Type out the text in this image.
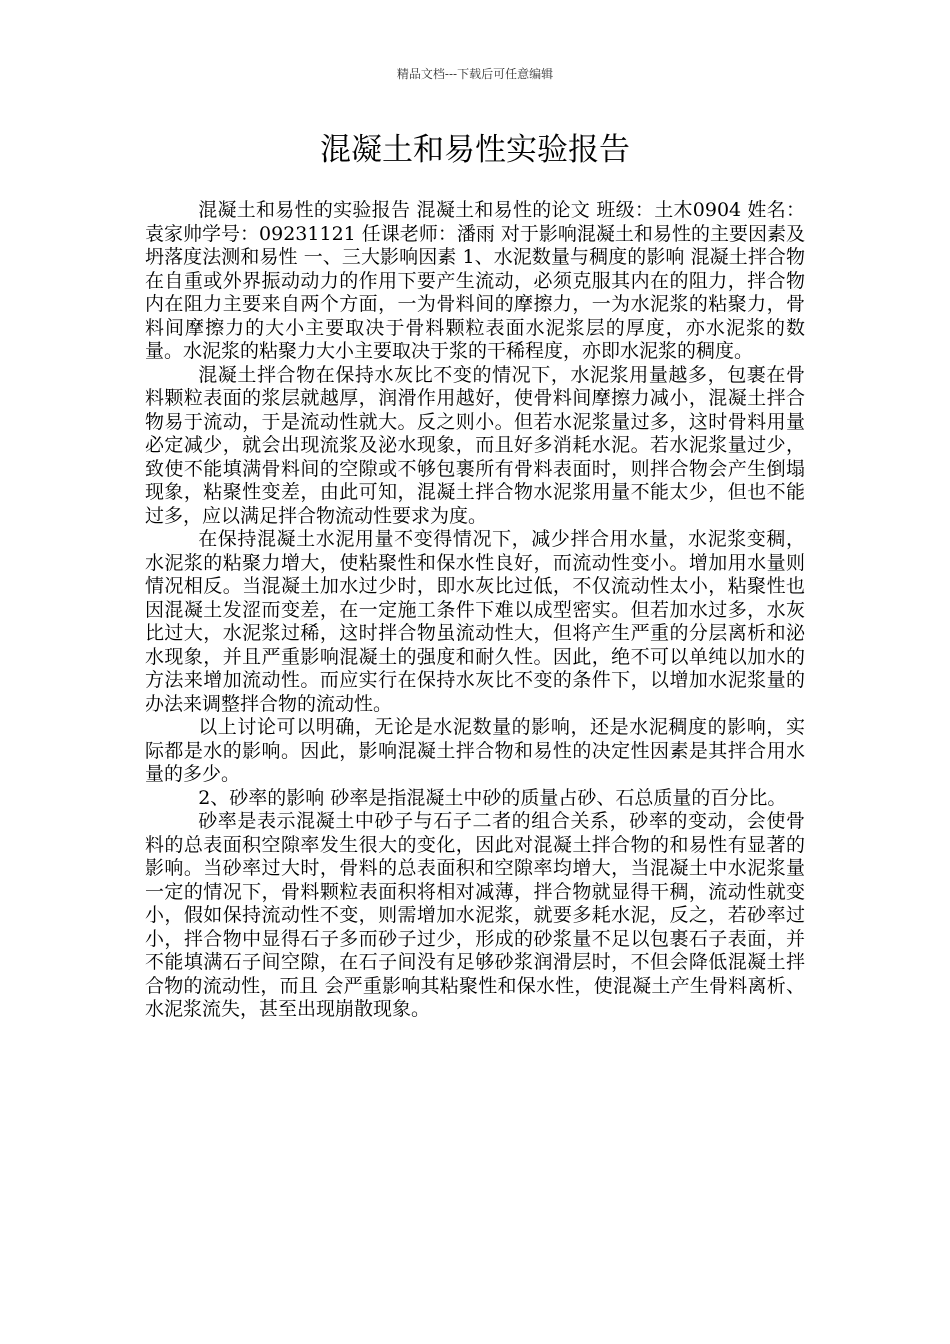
精品文档---下载后可任意编辑
混凝土和易性实验报告

混凝土和易性的实验报告 混凝土和易性的论文 班级：土木0904 姓名：袁家帅学号：09231121 任课老师：潘雨 对于影响混凝土和易性的主要因素及坍落度法测和易性 一、三大影响因素 1、水泥数量与稠度的影响 混凝土拌合物在自重或外界振动动力的作用下要产生流动，必须克服其内在的阻力，拌合物内在阻力主要来自两个方面，一为骨料间的摩擦力，一为水泥浆的粘聚力，骨料间摩擦力的大小主要取决于骨料颗粒表面水泥浆层的厚度，亦水泥浆的数量。水泥浆的粘聚力大小主要取决于浆的干稀程度，亦即水泥浆的稠度。

混凝土拌合物在保持水灰比不变的情况下，水泥浆用量越多，包裹在骨料颗粒表面的浆层就越厚，润滑作用越好，使骨料间摩擦力减小，混凝土拌合物易于流动，于是流动性就大。反之则小。但若水泥浆量过多，这时骨料用量必定减少，就会出现流浆及泌水现象，而且好多消耗水泥。若水泥浆量过少，致使不能填满骨料间的空隙或不够包裹所有骨料表面时，则拌合物会产生倒塌现象，粘聚性变差，由此可知，混凝土拌合物水泥浆用量不能太少，但也不能过多，应以满足拌合物流动性要求为度。

在保持混凝土水泥用量不变得情况下，减少拌合用水量，水泥浆变稠，水泥浆的粘聚力增大，使粘聚性和保水性良好，而流动性变小。增加用水量则情况相反。当混凝土加水过少时，即水灰比过低，不仅流动性太小，粘聚性也因混凝土发涩而变差，在一定施工条件下难以成型密实。但若加水过多，水灰比过大，水泥浆过稀，这时拌合物虽流动性大，但将产生严重的分层离析和泌水现象，并且严重影响混凝土的强度和耐久性。因此，绝不可以单纯以加水的方法来增加流动性。而应实行在保持水灰比不变的条件下，以增加水泥浆量的办法来调整拌合物的流动性。

以上讨论可以明确，无论是水泥数量的影响，还是水泥稠度的影响，实际都是水的影响。因此，影响混凝土拌合物和易性的决定性因素是其拌合用水量的多少。

2、砂率的影响 砂率是指混凝土中砂的质量占砂、石总质量的百分比。

砂率是表示混凝土中砂子与石子二者的组合关系，砂率的变动，会使骨料的总表面积空隙率发生很大的变化，因此对混凝土拌合物的和易性有显著的影响。当砂率过大时，骨料的总表面积和空隙率均增大，当混凝土中水泥浆量一定的情况下，骨料颗粒表面积将相对减薄，拌合物就显得干稠，流动性就变小，假如保持流动性不变，则需增加水泥浆，就要多耗水泥，反之，若砂率过小，拌合物中显得石子多而砂子过少，形成的砂浆量不足以包裹石子表面，并不能填满石子间空隙，在石子间没有足够砂浆润滑层时，不但会降低混凝土拌合物的流动性，而且 会严重影响其粘聚性和保水性，使混凝土产生骨料离析、水泥浆流失，甚至出现崩散现象。
